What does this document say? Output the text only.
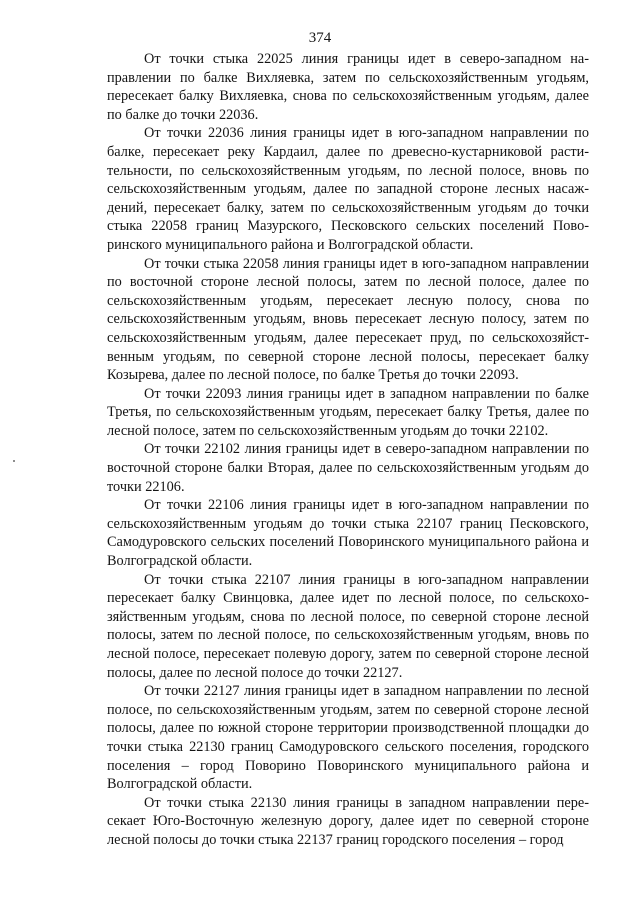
374

От точки стыка 22025 линия границы идет в северо-западном направлении по балке Вихляевка, затем по сельскохозяйственным угодьям, пересекает балку Вихляевка, снова по сельскохозяйственным угодьям, далее по балке до точки 22036.

От точки 22036 линия границы идет в юго-западном направлении по балке, пересекает реку Кардаил, далее по древесно-кустарниковой растительности, по сельскохозяйственным угодьям, по лесной полосе, вновь по сельскохозяйственным угодьям, далее по западной стороне лесных насаждений, пересекает балку, затем по сельскохозяйственным угодьям до точки стыка 22058 границ Мазурского, Песковского сельских поселений Поворинского муниципального района и Волгоградской области.

От точки стыка 22058 линия границы идет в юго-западном направлении по восточной стороне лесной полосы, затем по лесной полосе, далее по сельскохозяйственным угодьям, пересекает лесную полосу, снова по сельскохозяйственным угодьям, вновь пересекает лесную полосу, затем по сельскохозяйственным угодьям, далее пересекает пруд, по сельскохозяйственным угодьям, по северной стороне лесной полосы, пересекает балку Козырева, далее по лесной полосе, по балке Третья до точки 22093.

От точки 22093 линия границы идет в западном направлении по балке Третья, по сельскохозяйственным угодьям, пересекает балку Третья, далее по лесной полосе, затем по сельскохозяйственным угодьям до точки 22102.

От точки 22102 линия границы идет в северо-западном направлении по восточной стороне балки Вторая, далее по сельскохозяйственным угодьям до точки 22106.

От точки 22106 линия границы идет в юго-западном направлении по сельскохозяйственным угодьям до точки стыка 22107 границ Песковского, Самодуровского сельских поселений Поворинского муниципального района и Волгоградской области.

От точки стыка 22107 линия границы в юго-западном направлении пересекает балку Свинцовка, далее идет по лесной полосе, по сельскохозяйственным угодьям, снова по лесной полосе, по северной стороне лесной полосы, затем по лесной полосе, по сельскохозяйственным угодьям, вновь по лесной полосе, пересекает полевую дорогу, затем по северной стороне лесной полосы, далее по лесной полосе до точки 22127.

От точки 22127 линия границы идет в западном направлении по лесной полосе, по сельскохозяйственным угодьям, затем по северной стороне лесной полосы, далее по южной стороне территории производственной площадки до точки стыка 22130 границ Самодуровского сельского поселения, городского поселения – город Поворино Поворинского муниципального района и Волгоградской области.

От точки стыка 22130 линия границы в западном направлении пересекает Юго-Восточную железную дорогу, далее идет по северной стороне лесной полосы до точки стыка 22137 границ городского поселения – город
